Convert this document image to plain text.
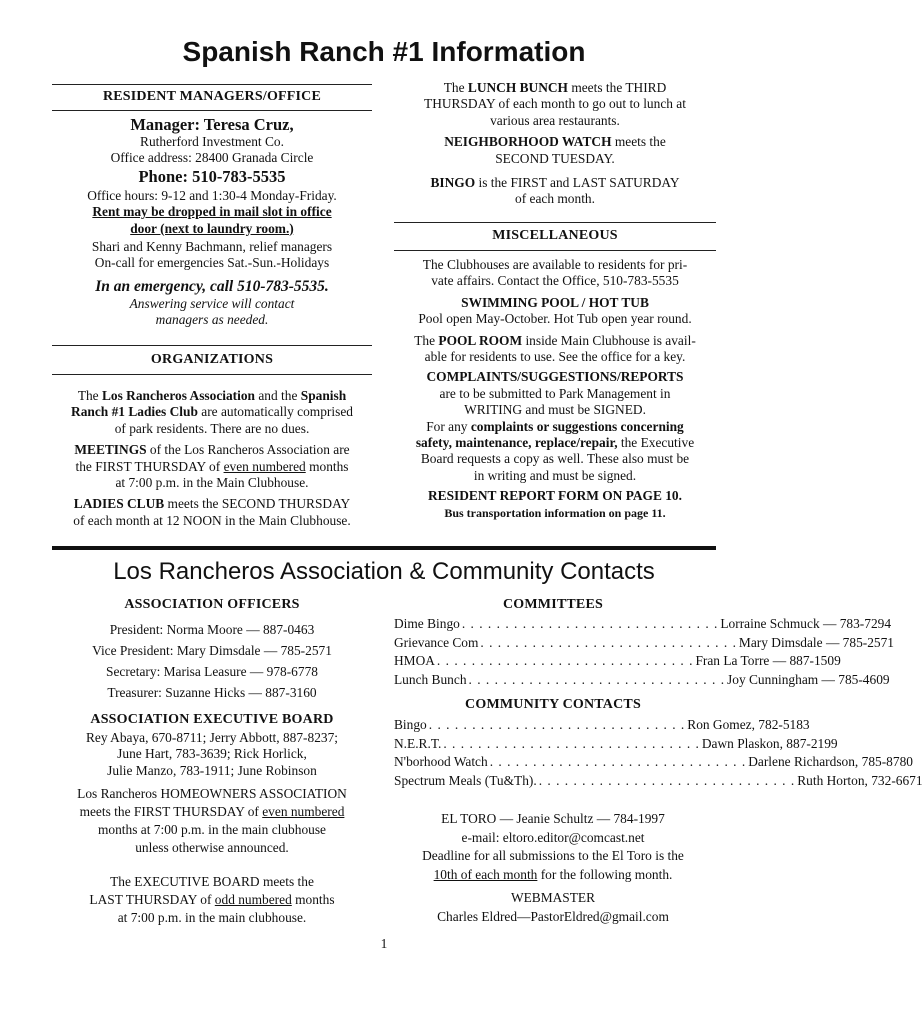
Spanish Ranch #1 Information
RESIDENT MANAGERS/OFFICE
Manager: Teresa Cruz,
Rutherford Investment Co.
Office address: 28400 Granada Circle
Phone: 510-783-5535
Office hours: 9-12 and 1:30-4 Monday-Friday.
Rent may be dropped in mail slot in office
door (next to laundry room.)
Shari and Kenny Bachmann, relief managers
On-call for emergencies Sat.-Sun.-Holidays
In an emergency, call 510-783-5535.
Answering service will contact
managers as needed.
ORGANIZATIONS
The Los Rancheros Association and the Spanish
Ranch #1 Ladies Club are automatically comprised
of park residents. There are no dues.
MEETINGS of the Los Rancheros Association are
the FIRST THURSDAY of even numbered months
at 7:00 p.m. in the Main Clubhouse.
LADIES CLUB meets the SECOND THURSDAY
of each month at 12 NOON in the Main Clubhouse.
The LUNCH BUNCH meets the THIRD
THURSDAY of each month to go out to lunch at
various area restaurants.
NEIGHBORHOOD WATCH meets the
SECOND TUESDAY.
BINGO is the FIRST and LAST SATURDAY
of each month.
MISCELLANEOUS
The Clubhouses are available to residents for pri-
vate affairs. Contact the Office, 510-783-5535
SWIMMING POOL / HOT TUB
Pool open May-October. Hot Tub open year round.
The POOL ROOM inside Main Clubhouse is avail-
able for residents to use. See the office for a key.
COMPLAINTS/SUGGESTIONS/REPORTS
are to be submitted to Park Management in
WRITING and must be SIGNED.
For any complaints or suggestions concerning
safety, maintenance, replace/repair, the Executive
Board requests a copy as well. These also must be
in writing and must be signed.
RESIDENT REPORT FORM ON PAGE 10.
Bus transportation information on page 11.
Los Rancheros Association & Community Contacts
ASSOCIATION OFFICERS
President: Norma Moore — 887-0463
Vice President: Mary Dimsdale — 785-2571
Secretary: Marisa Leasure — 978-6778
Treasurer: Suzanne Hicks — 887-3160
ASSOCIATION EXECUTIVE BOARD
Rey Abaya, 670-8711; Jerry Abbott, 887-8237;
June Hart, 783-3639; Rick Horlick,
Julie Manzo, 783-1911; June Robinson
Los Rancheros HOMEOWNERS ASSOCIATION
meets the FIRST THURSDAY of even numbered
months at 7:00 p.m. in the main clubhouse
unless otherwise announced.
The EXECUTIVE BOARD meets the
LAST THURSDAY of odd numbered months
at 7:00 p.m. in the main clubhouse.
COMMITTEES
Dime Bingo . . . . . . . . . . . . . . . . . . . . . . . . . . . . . . Lorraine Schmuck — 783-7294
Grievance Com . . . . . . . . . . . . . . . . . . . . . . . . . . . . . . Mary Dimsdale — 785-2571
HMOA . . . . . . . . . . . . . . . . . . . . . . . . . . . . . . Fran La Torre — 887-1509
Lunch Bunch . . . . . . . . . . . . . . . . . . . . . . . . . . . . . . Joy Cunningham — 785-4609
COMMUNITY CONTACTS
Bingo . . . . . . . . . . . . . . . . . . . . . . . . . . . . . . Ron Gomez, 782-5183
N.E.R.T. . . . . . . . . . . . . . . . . . . . . . . . . . . . . . . Dawn Plaskon, 887-2199
N'borhood Watch . . . . . . . . . . . . . . . . . . . . . . . . . . . . . . Darlene Richardson, 785-8780
Spectrum Meals (Tu&Th). . . . . . . . . . . . . . . . . . . . . . . . . . . . . . . Ruth Horton, 732-6671
EL TORO — Jeanie Schultz — 784-1997
e-mail: eltoro.editor@comcast.net
Deadline for all submissions to the El Toro is the
10th of each month for the following month.
WEBMASTER
Charles Eldred—PastorEldred@gmail.com
1
